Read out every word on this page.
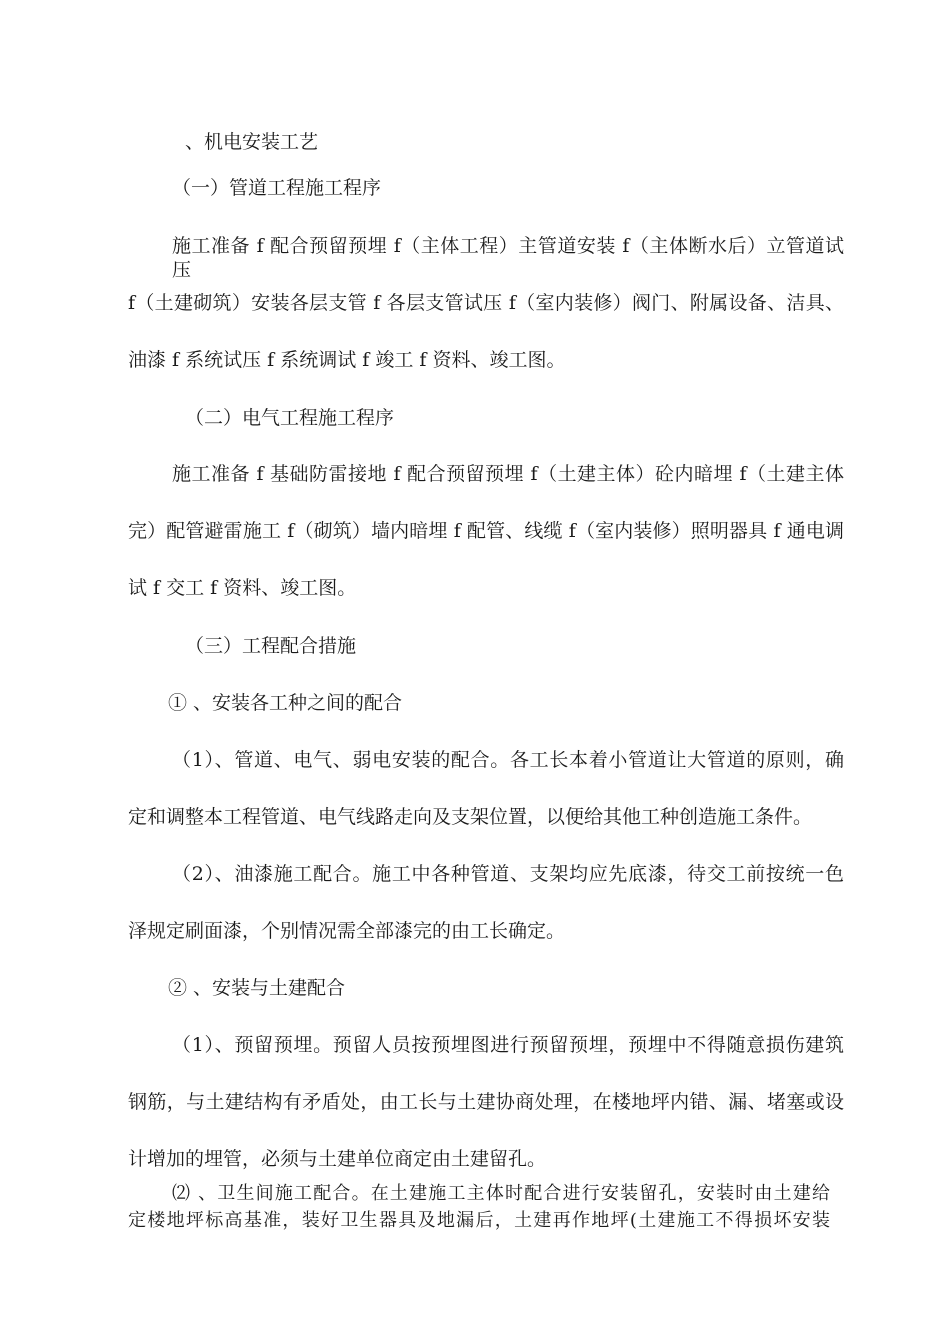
、机电安装工艺
（一）管道工程施工程序
施工准备 f 配合预留预埋 f（主体工程）主管道安装 f（主体断水后）立管道试压
f（土建砌筑）安装各层支管 f 各层支管试压 f（室内装修）阀门、附属设备、洁具、
油漆 f 系统试压 f 系统调试 f 竣工 f 资料、竣工图。
（二）电气工程施工程序
施工准备 f 基础防雷接地 f 配合预留预埋 f（土建主体）砼内暗埋 f（土建主体
完）配管避雷施工 f（砌筑）墙内暗埋 f 配管、线缆 f（室内装修）照明器具 f 通电调
试 f 交工 f 资料、竣工图。
（三）工程配合措施
① 、安装各工种之间的配合
（1）、管道、电气、弱电安装的配合。各工长本着小管道让大管道的原则，确
定和调整本工程管道、电气线路走向及支架位置，以便给其他工种创造施工条件。
（2）、油漆施工配合。施工中各种管道、支架均应先底漆，待交工前按统一色
泽规定刷面漆，个别情况需全部漆完的由工长确定。
② 、安装与土建配合
（1）、预留预埋。预留人员按预埋图进行预留预埋，预埋中不得随意损伤建筑
钢筋，与土建结构有矛盾处，由工长与土建协商处理，在楼地坪内错、漏、堵塞或设
计增加的埋管，必须与土建单位商定由土建留孔。
⑵ 、卫生间施工配合。在土建施工主体时配合进行安装留孔，安装时由土建给
定楼地坪标高基准，装好卫生器具及地漏后，土建再作地坪(土建施工不得损坏安装
